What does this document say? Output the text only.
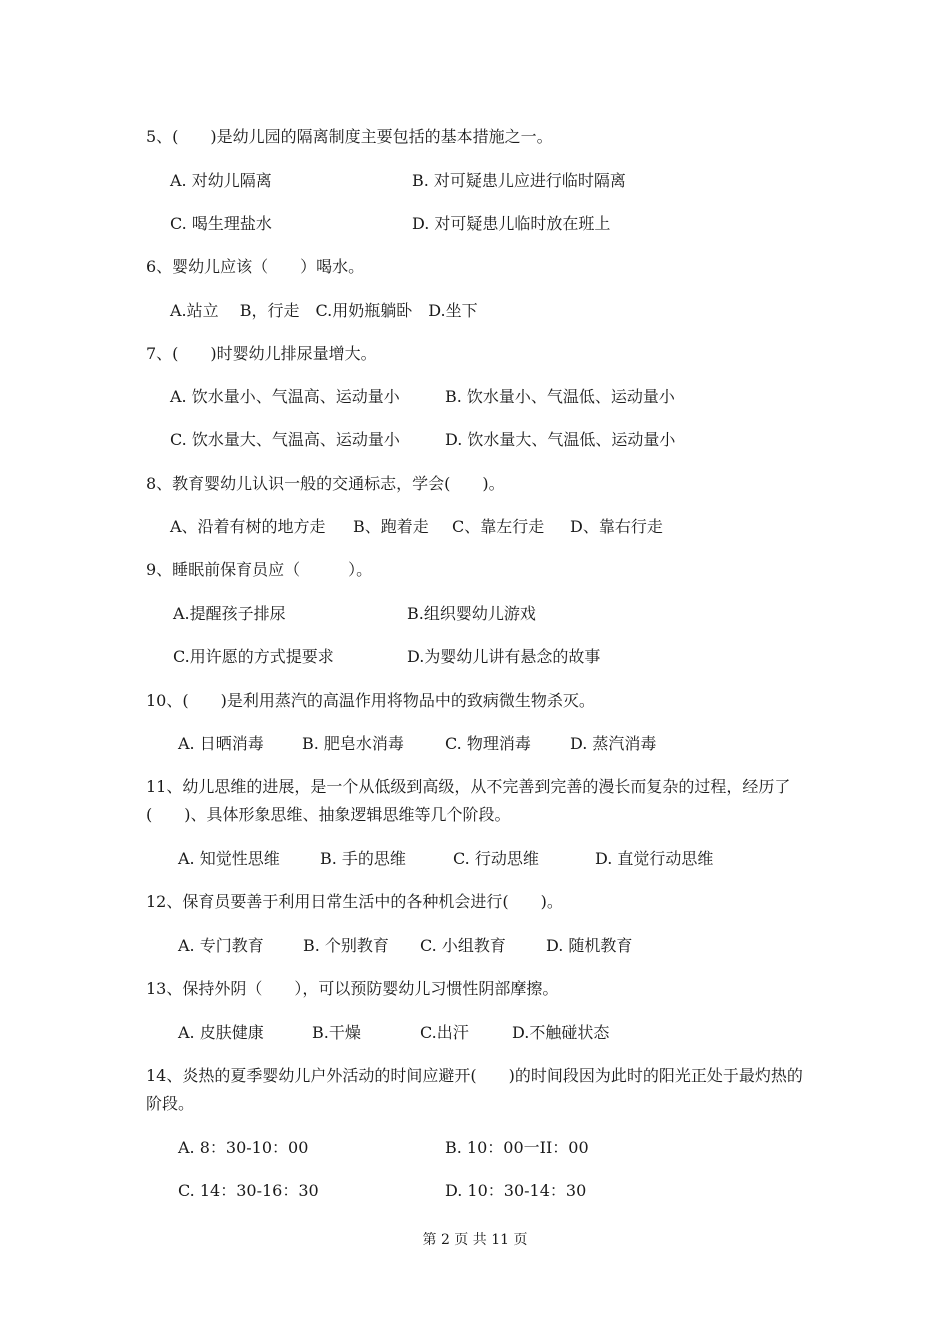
5、(　　)是幼儿园的隔离制度主要包括的基本措施之一。
A. 对幼儿隔离	B. 对可疑患儿应进行临时隔离
C. 喝生理盐水	D. 对可疑患儿临时放在班上
6、婴幼儿应该（　　）喝水。
A.站立　 B，行走　C.用奶瓶躺卧　D.坐下
7、(　　)时婴幼儿排尿量增大。
A. 饮水量小、气温高、运动量小	B. 饮水量小、气温低、运动量小
C. 饮水量大、气温高、运动量小	D. 饮水量大、气温低、运动量小
8、教育婴幼儿认识一般的交通标志，学会(　　)。
A、沿着有树的地方走 B、跑着走 C、靠左行走 D、靠右行走
9、睡眠前保育员应（　　　）。
A.提醒孩子排尿	B.组织婴幼儿游戏
C.用许愿的方式提要求	D.为婴幼儿讲有悬念的故事
10、(　　)是利用蒸汽的高温作用将物品中的致病微生物杀灭。
A. 日晒消毒 B. 肥皂水消毒	C. 物理消毒 D. 蒸汽消毒
11、幼儿思维的进展，是一个从低级到高级，从不完善到完善的漫长而复杂的过程，经历了(　　)、具体形象思维、抽象逻辑思维等几个阶段。
A. 知觉性思维	B. 手的思维	C. 行动思维	D. 直觉行动思维
12、保育员要善于利用日常生活中的各种机会进行(　　)。
A. 专门教育 B. 个别教育 C. 小组教育	D. 随机教育
13、保持外阴（　　），可以预防婴幼儿习惯性阴部摩擦。
A. 皮肤健康	B.干燥	C.出汗	D.不触碰状态
14、炎热的夏季婴幼儿户外活动的时间应避开(　　)的时间段因为此时的阳光正处于最灼热的阶段。
A. 8：30-10：00	B. 10：00一II：00
C. 14：30-16：30	D. 10：30-14：30
第 2 页 共 11 页
